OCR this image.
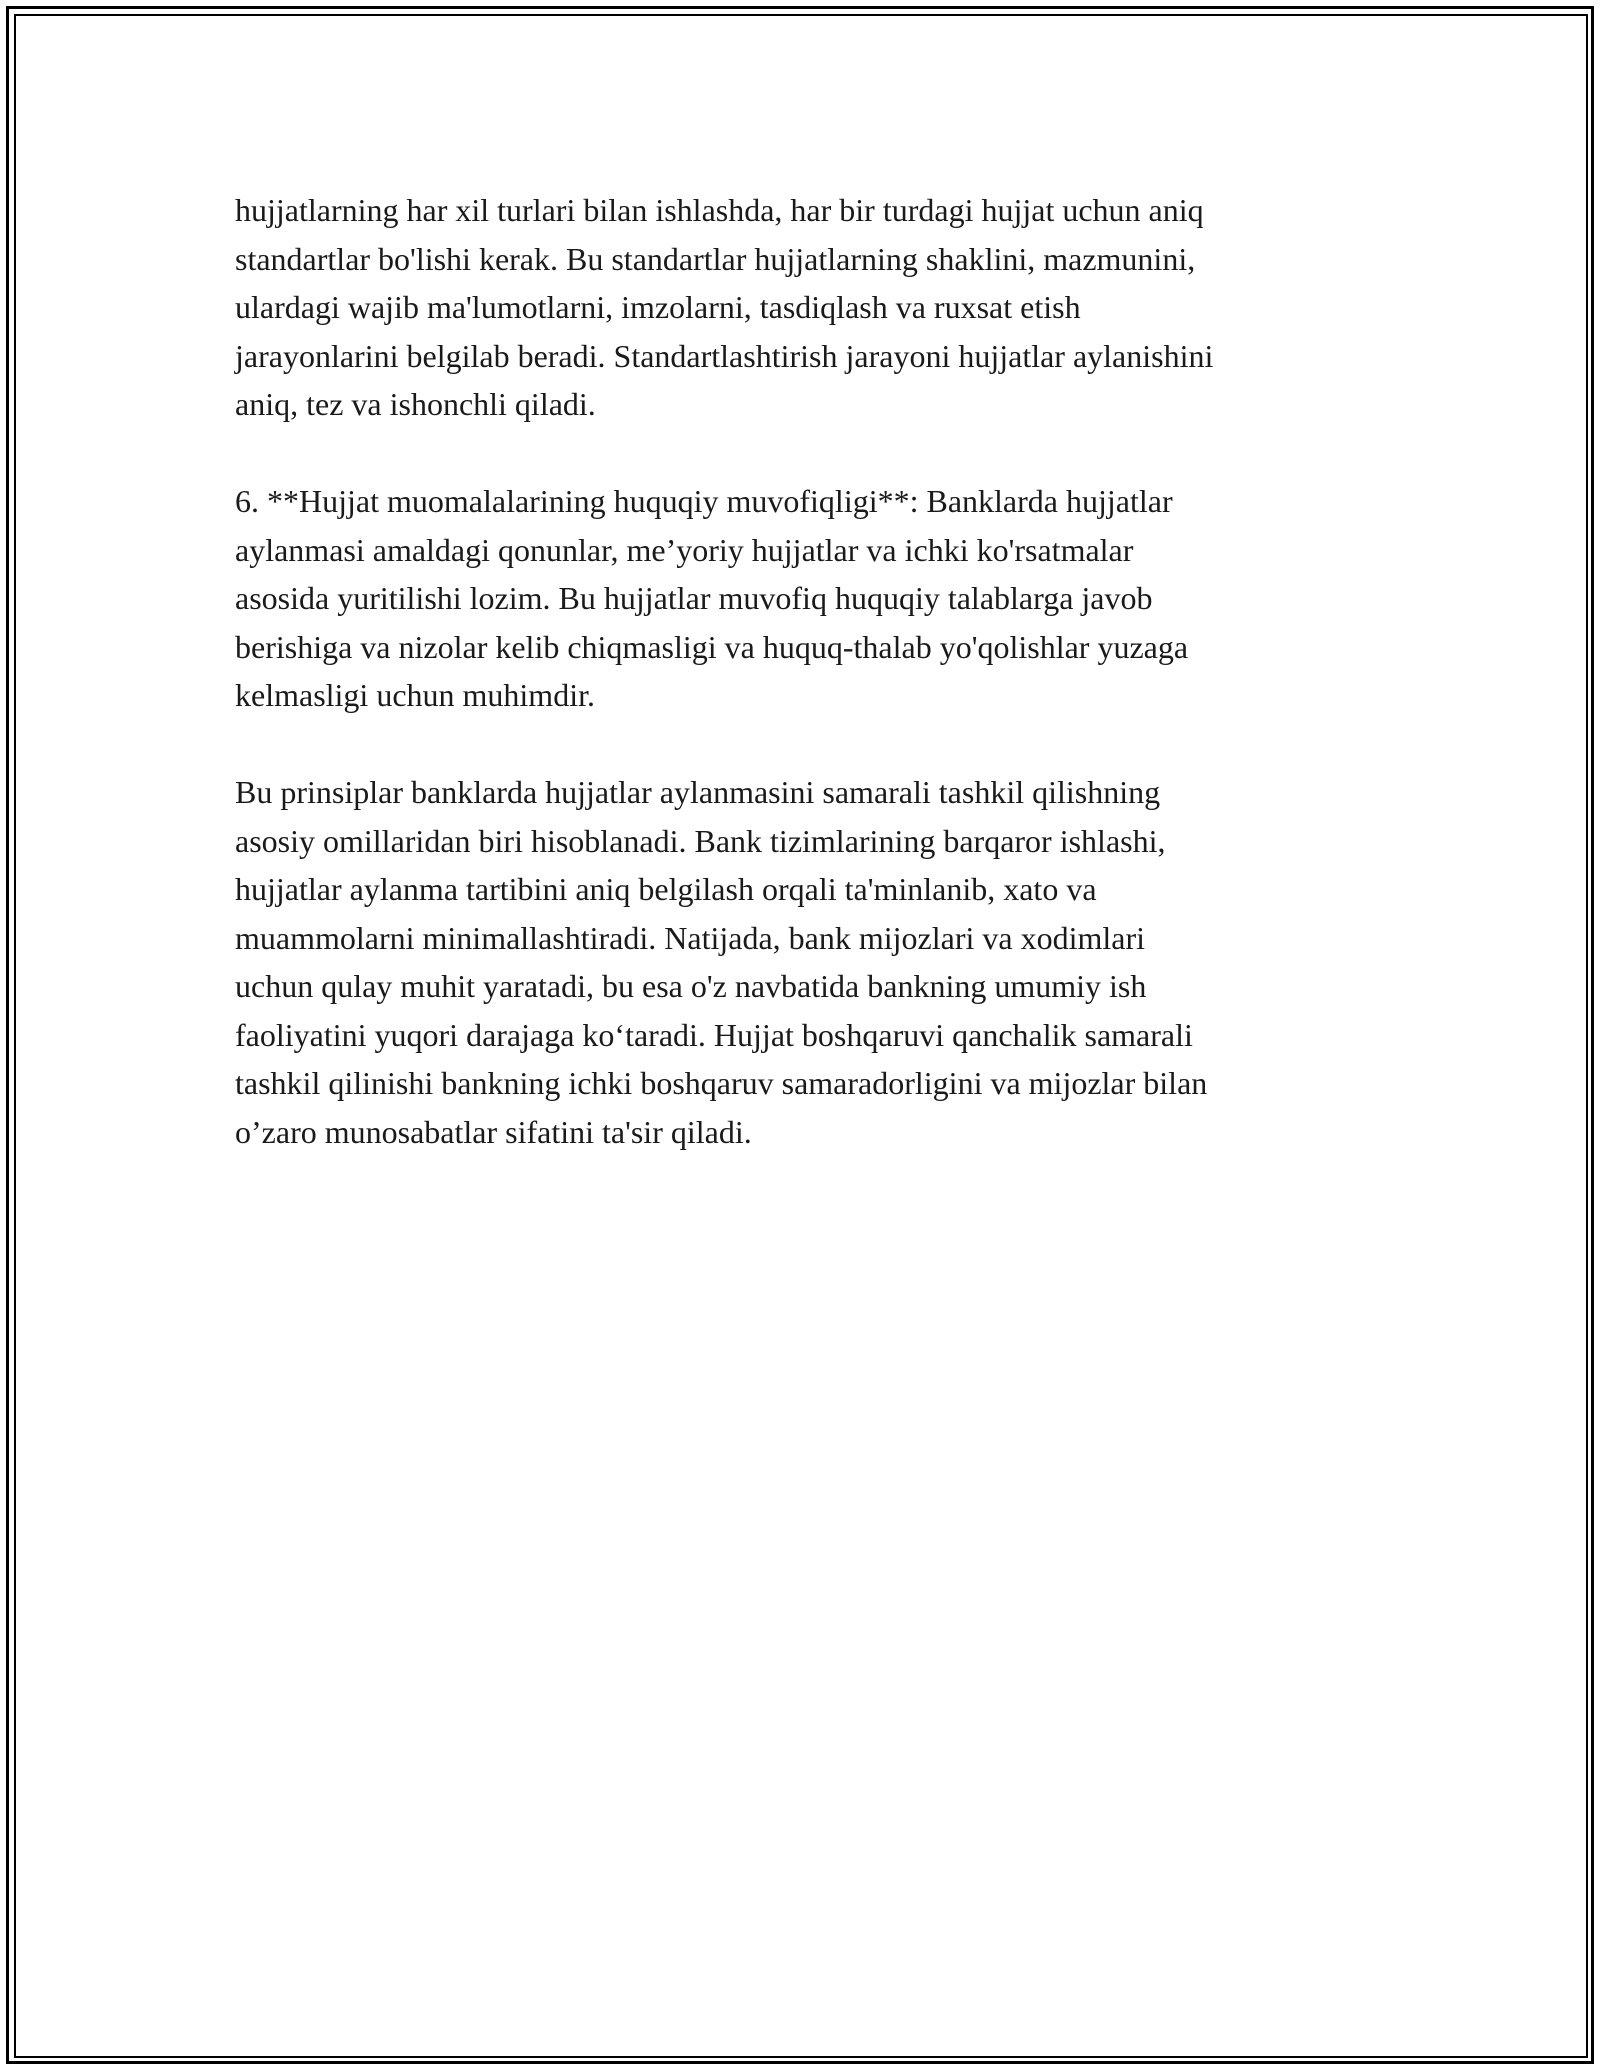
hujjatlarning har xil turlari bilan ishlashda, har bir turdagi hujjat uchun aniq
standartlar bo'lishi kerak. Bu standartlar hujjatlarning shaklini, mazmunini,
ulardagi wajib ma'lumotlarni, imzolarni, tasdiqlash va ruxsat etish
jarayonlarini belgilab beradi. Standartlashtirish jarayoni hujjatlar aylanishini
aniq, tez va ishonchli qiladi.

6. **Hujjat muomalalarining huquqiy muvofiqligi**: Banklarda hujjatlar
aylanmasi amaldagi qonunlar, me’yoriy hujjatlar va ichki ko'rsatmalar
asosida yuritilishi lozim. Bu hujjatlar muvofiq huquqiy talablarga javob
berishiga va nizolar kelib chiqmasligi va huquq-thalab yo'qolishlar yuzaga
kelmasligi uchun muhimdir.

Bu prinsiplar banklarda hujjatlar aylanmasini samarali tashkil qilishning
asosiy omillaridan biri hisoblanadi. Bank tizimlarining barqaror ishlashi,
hujjatlar aylanma tartibini aniq belgilash orqali ta'minlanib, xato va
muammolarni minimallashtiradi. Natijada, bank mijozlari va xodimlari
uchun qulay muhit yaratadi, bu esa o'z navbatida bankning umumiy ish
faoliyatini yuqori darajaga ko‘taradi. Hujjat boshqaruvi qanchalik samarali
tashkil qilinishi bankning ichki boshqaruv samaradorligini va mijozlar bilan
o’zaro munosabatlar sifatini ta'sir qiladi.
